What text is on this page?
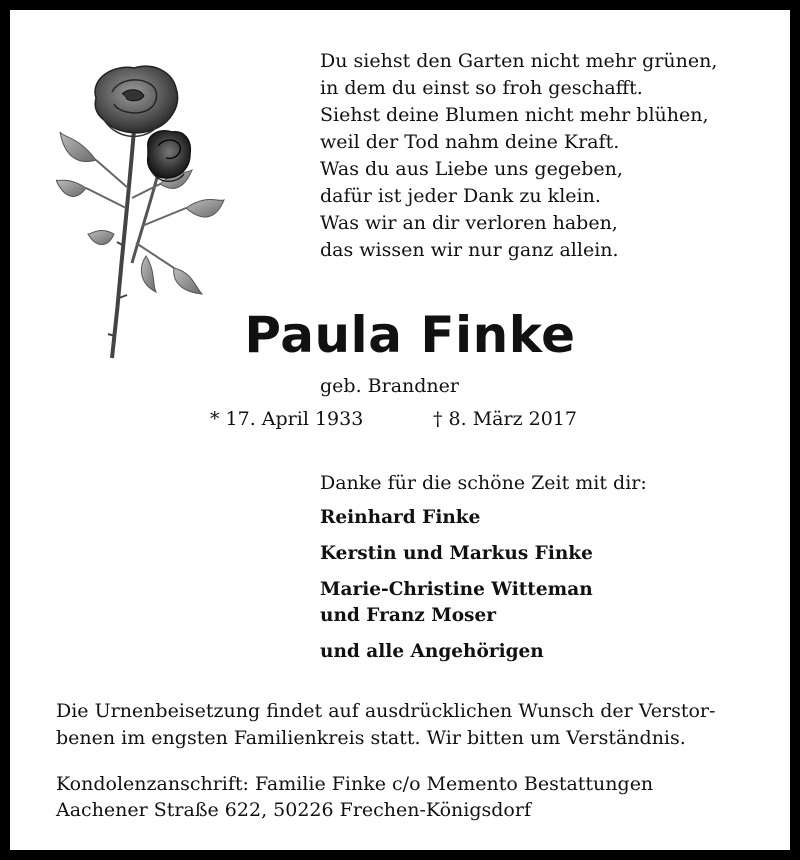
Du siehst den Garten nicht mehr grünen,
in dem du einst so froh geschafft.
Siehst deine Blumen nicht mehr blühen,
weil der Tod nahm deine Kraft.
Was du aus Liebe uns gegeben,
dafür ist jeder Dank zu klein.
Was wir an dir verloren haben,
das wissen wir nur ganz allein.
Paula Finke
geb. Brandner
* 17. April 1933	† 8. März 2017
Danke für die schöne Zeit mit dir:
Reinhard Finke
Kerstin und Markus Finke
Marie-Christine Witteman
und Franz Moser
und alle Angehörigen
Die Urnenbeisetzung findet auf ausdrücklichen Wunsch der Verstor-
benen im engsten Familienkreis statt. Wir bitten um Verständnis.
Kondolenzanschrift: Familie Finke c/o Memento Bestattungen
Aachener Straße 622, 50226 Frechen-Königsdorf
